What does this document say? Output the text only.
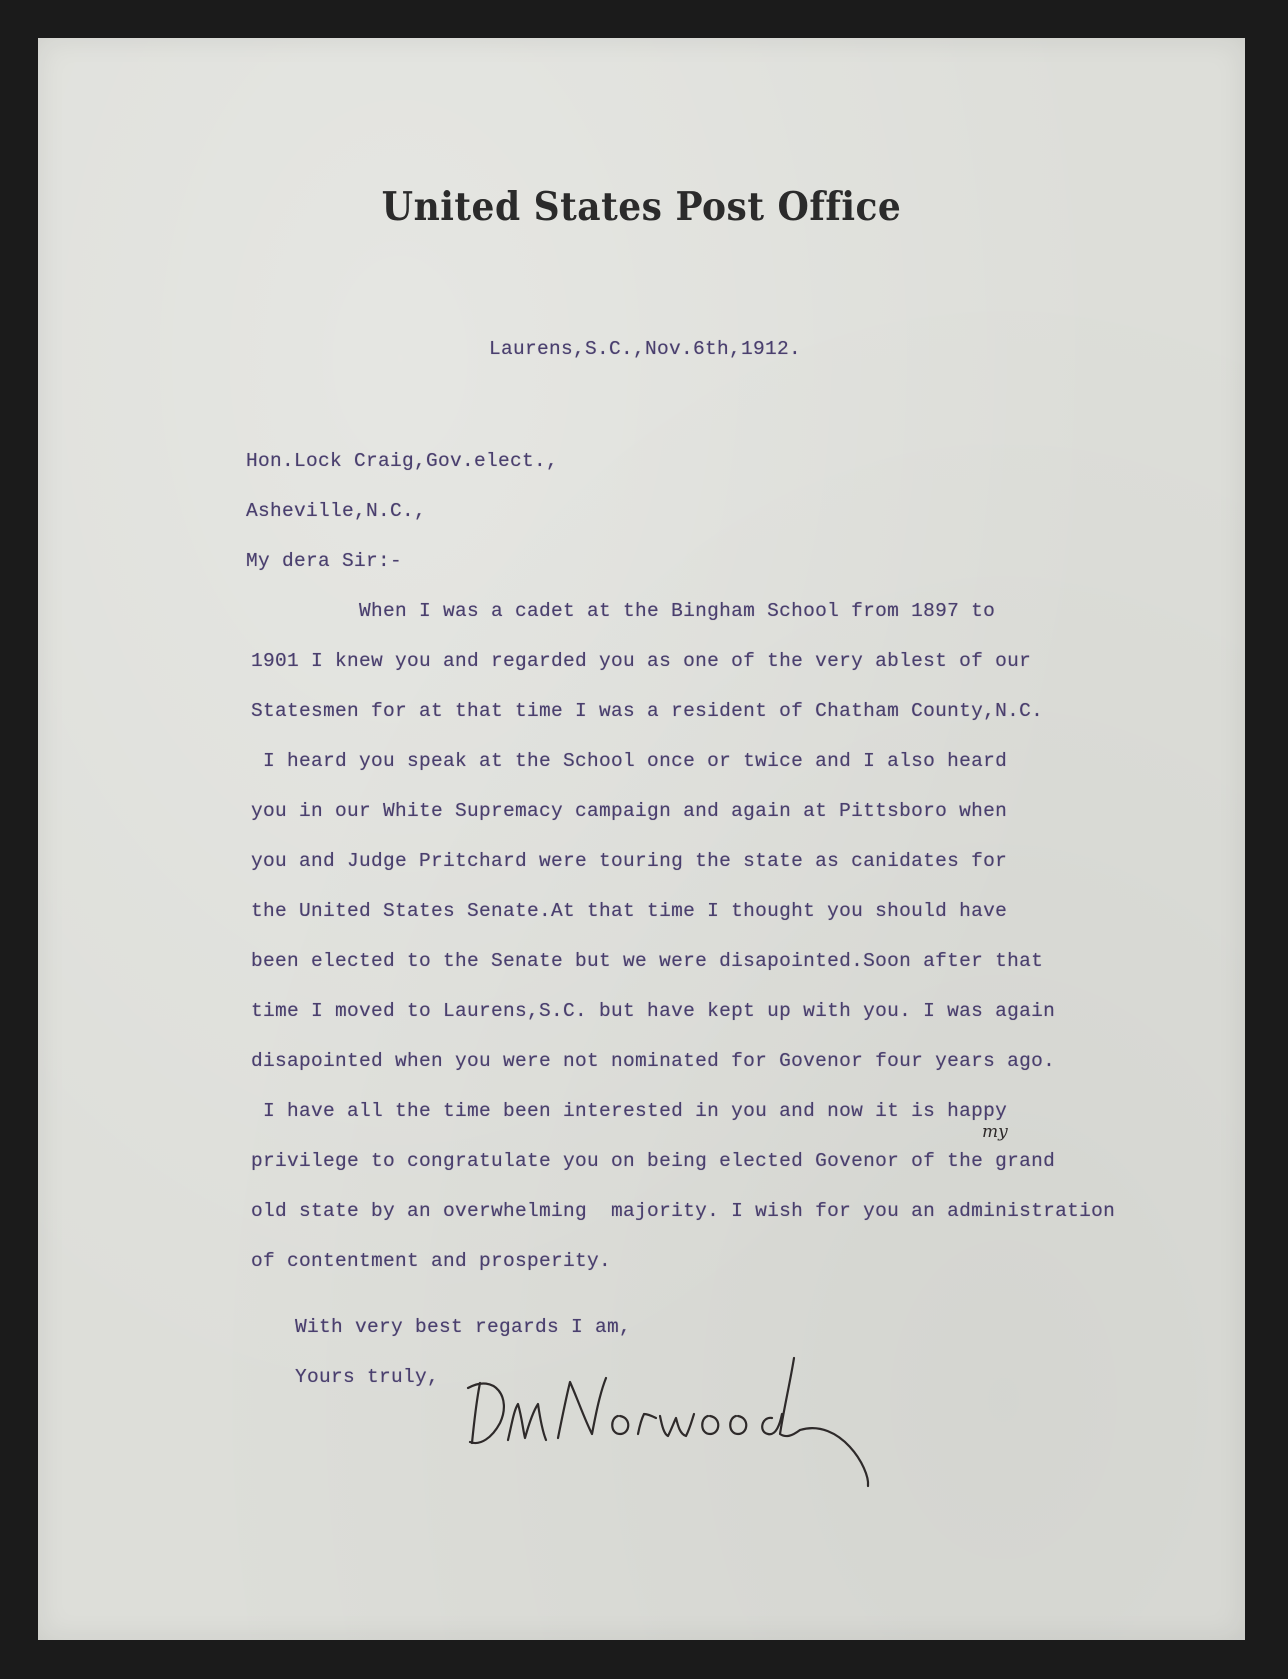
United States Post Office
Laurens,S.C.,Nov.6th,1912.
Hon.Lock Craig,Gov.elect.,
Asheville,N.C.,
My dera Sir:-
When I was a cadet at the Bingham School from 1897 to
1901 I knew you and regarded you as one of the very ablest of our
Statesmen for at that time I was a resident of Chatham County,N.C.
I heard you speak at the School once or twice and I also heard
you in our White Supremacy campaign and again at Pittsboro when
you and Judge Pritchard were touring the state as canidates for
the United States Senate.At that time I thought you should have
been elected to the Senate but we were disapointed.Soon after that
time I moved to Laurens,S.C. but have kept up with you. I was again
disapointed when you were not nominated for Govenor four years ago.
I have all the time been interested in you and now it is happy
privilege to congratulate you on being elected Govenor of the grand
old state by an overwhelming  majority. I wish for you an administration
of contentment and prosperity.
my
With very best regards I am,
Yours truly,
